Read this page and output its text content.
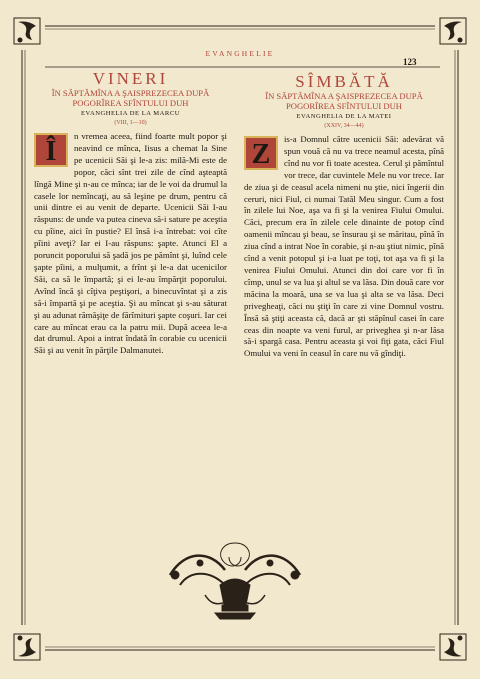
EVANGHELIE
123
VINERI
ÎN SĂPTĂMÎNA A ŞAISPREZECEA DUPĂ POGORÎREA SFÎNTULUI DUH
EVANGHELIA DE LA MARCU
(VIII, 1—10)
Î	n vremea aceea, fiind foarte mult popor şi neavind ce mînca, Iisus a chemat la Sine pe ucenicii Săi şi le-a zis: milă-Mi este de popor, căci sînt trei zile de cînd aşteaptă lîngă Mine şi n-au ce mînca; iar de le voi da drumul la casele lor nemîncaţi, au să leşine pe drum, pentru că unii dintre ei au venit de departe. Ucenicii Săi I-au răspuns: de unde va putea cineva să-i sature pe aceştia cu pîine, aici în pustie? El însă i-a întrebat: voi cîte pîini aveţi? Iar ei I-au răspuns: şapte. Atunci El a poruncit poporului să şadă jos pe pămînt şi, luînd cele şapte pîini, a mulţumit, a frînt şi le-a dat ucenicilor Săi, ca să le împartă; şi ei le-au împărţit poporului. Avînd încă şi cîţiva peştişori, a binecuvîntat şi a zis să-i împartă şi pe aceştia. Şi au mîncat şi s-au săturat şi au adunat rămăşiţe de fărîmituri şapte coşuri. Iar cei care au mîncat erau ca la patru mii. După aceea le-a dat drumul. Apoi a intrat îndată în corabie cu ucenicii Săi şi au venit în părţile Dalmanutei.
SÎMBĂTĂ
ÎN SĂPTĂMÎNA A ŞAISPREZECEA DUPĂ POGORÎREA SFÎNTULUI DUH
EVANGHELIA DE LA MATEI
(XXIV, 34—44)
Z	is-a Domnul către ucenicii Săi: adevărat vă spun vouă că nu va trece neamul acesta, pînă cînd nu vor fi toate acestea. Cerul şi pămîntul vor trece, dar cuvintele Mele nu vor trece. Iar de ziua şi de ceasul acela nimeni nu ştie, nici îngerii din ceruri, nici Fiul, ci numai Tatăl Meu singur. Cum a fost în zilele lui Noe, aşa va fi şi la venirea Fiului Omului. Căci, precum era în zilele cele dinainte de potop cînd oamenii mîncau şi beau, se însurau şi se măritau, pînă în ziua cînd a intrat Noe în corabie, şi n-au ştiut nimic, pînă cînd a venit potopul şi i-a luat pe toţi, tot aşa va fi şi la venirea Fiului Omului. Atunci din doi care vor fi în cîmp, unul se va lua şi altul se va lăsa. Din două care vor măcina la moară, una se va lua şi alta se va lăsa. Deci privegheaţi, căci nu ştiţi în care zi vine Domnul vostru. Însă să ştiţi aceasta că, dacă ar şti stăpînul casei în care ceas din noapte va veni furul, ar priveghea şi n-ar lăsa să-i spargă casa. Pentru aceasta şi voi fiţi gata, căci Fiul Omului va veni în ceasul în care nu vă gîndiţi.
